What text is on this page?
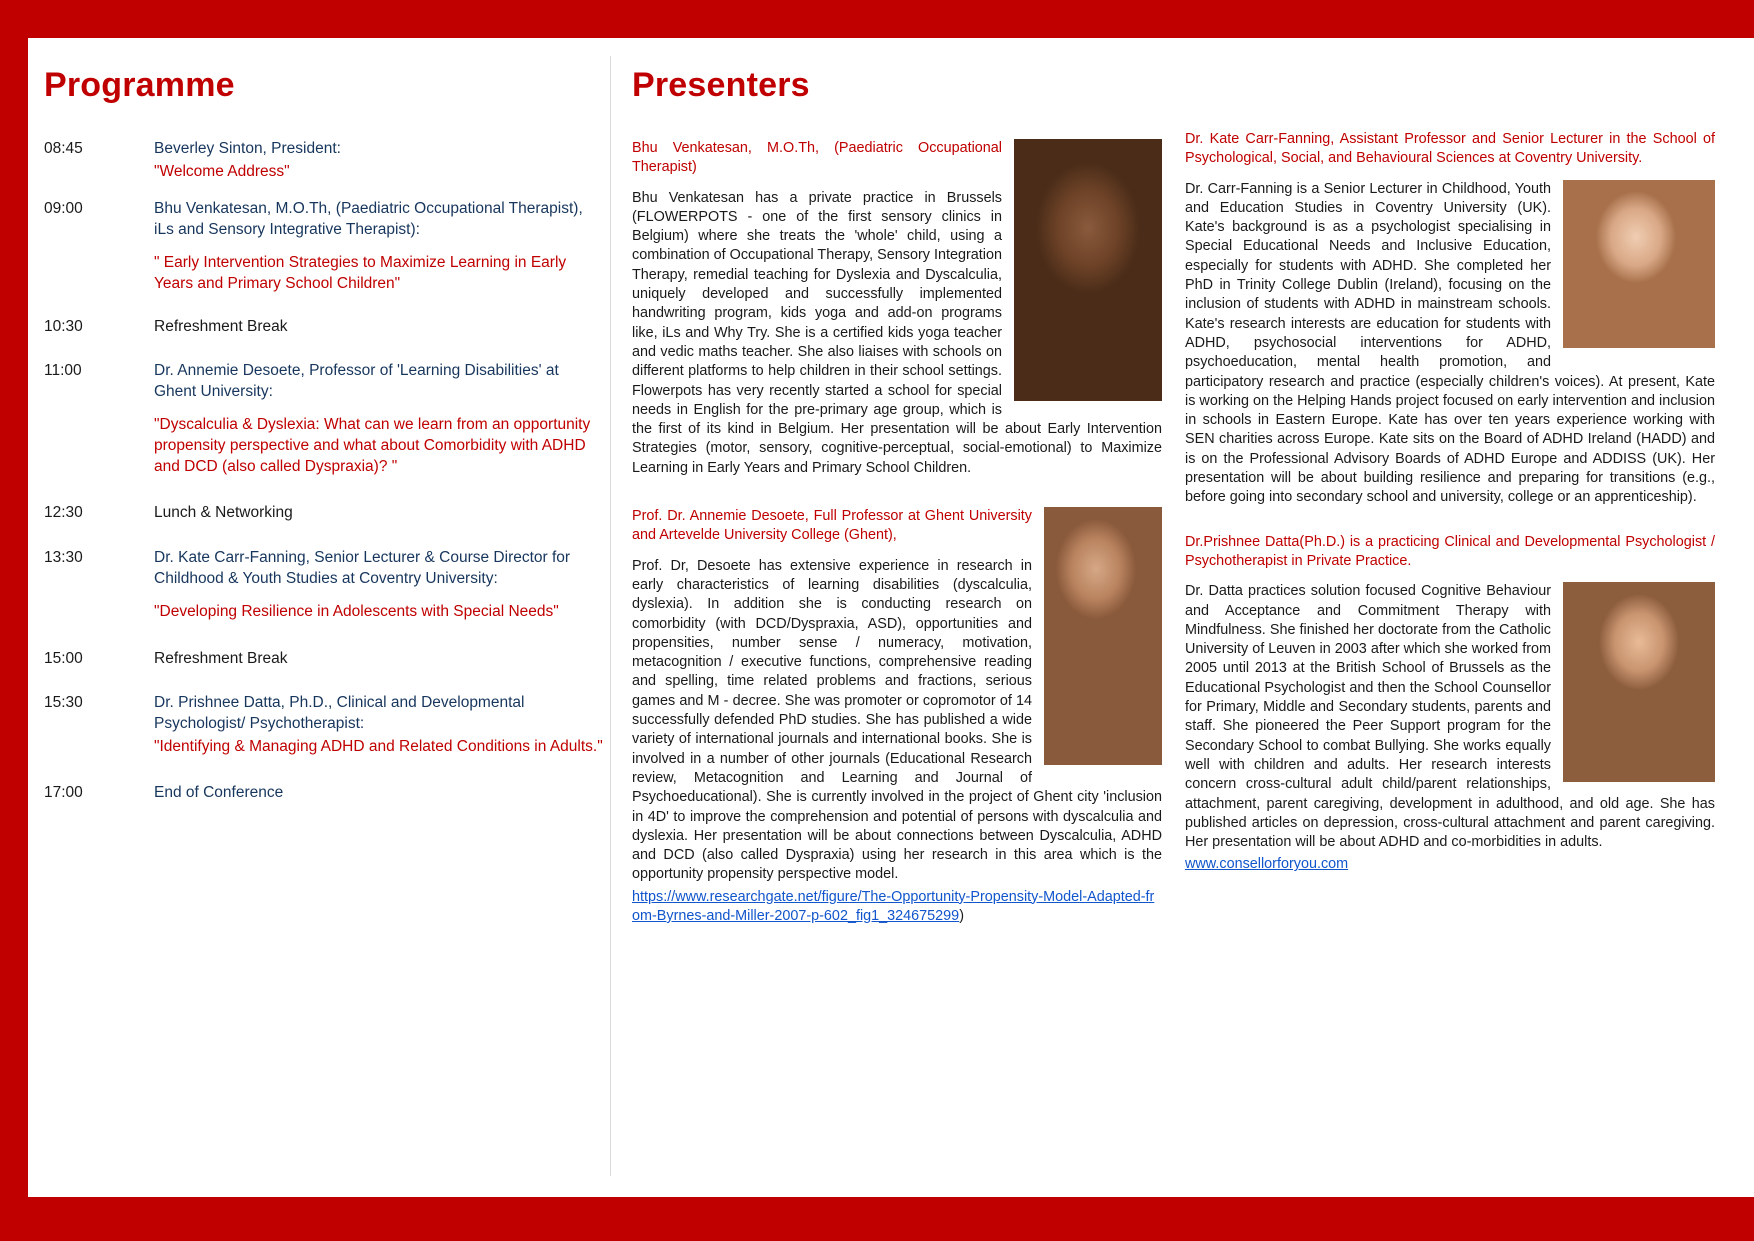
Programme
08:45	Beverley Sinton, President:
"Welcome Address"
09:00	Bhu Venkatesan, M.O.Th, (Paediatric Occupational Therapist), iLs and Sensory Integrative Therapist):
" Early Intervention Strategies to Maximize Learning in Early Years and Primary School Children"
10:30	Refreshment Break
11:00	Dr. Annemie Desoete, Professor of 'Learning Disabilities' at Ghent University:
"Dyscalculia & Dyslexia: What can we learn from an opportunity propensity perspective and what about Comorbidity with ADHD and DCD (also called Dyspraxia)? "
12:30	Lunch & Networking
13:30	Dr. Kate Carr-Fanning, Senior Lecturer & Course Director for Childhood & Youth Studies at Coventry University:
"Developing Resilience in Adolescents with Special Needs"
15:00	Refreshment Break
15:30	Dr. Prishnee Datta, Ph.D., Clinical and Developmental Psychologist/ Psychotherapist:
"Identifying & Managing ADHD and Related Conditions in Adults."
17:00	End of Conference
Presenters
Bhu Venkatesan, M.O.Th, (Paediatric Occupational Therapist)

Bhu Venkatesan has a private practice in Brussels (FLOWERPOTS - one of the first sensory clinics in Belgium) where she treats the 'whole' child, using a combination of Occupational Therapy, Sensory Integration Therapy, remedial teaching for Dyslexia and Dyscalculia, uniquely developed and successfully implemented handwriting program, kids yoga and add-on programs like, iLs and Why Try. She is a certified kids yoga teacher and vedic maths teacher. She also liaises with schools on different platforms to help children in their school settings. Flowerpots has very recently started a school for special needs in English for the pre-primary age group, which is the first of its kind in Belgium. Her presentation will be about Early Intervention Strategies (motor, sensory, cognitive-perceptual, social-emotional) to Maximize Learning in Early Years and Primary School Children.

Prof. Dr. Annemie Desoete, Full Professor at Ghent University and Artevelde University College (Ghent),

Prof. Dr, Desoete has extensive experience in research in early characteristics of learning disabilities (dyscalculia, dyslexia). In addition she is conducting research on comorbidity (with DCD/Dyspraxia, ASD), opportunities and propensities, number sense / numeracy, motivation, metacognition / executive functions, comprehensive reading and spelling, time related problems and fractions, serious games and M - decree. She was promoter or copromotor of 14 successfully defended PhD studies. She has published a wide variety of international journals and international books. She is involved in a number of other journals (Educational Research review, Metacognition and Learning and Journal of Psychoeducational). She is currently involved in the project of Ghent city 'inclusion in 4D' to improve the comprehension and potential of persons with dyscalculia and dyslexia. Her presentation will be about connections between Dyscalculia, ADHD and DCD (also called Dyspraxia) using her research in this area which is the opportunity propensity perspective model.

https://www.researchgate.net/figure/The-Opportunity-Propensity-Model-Adapted-from-Byrnes-and-Miller-2007-p-602_fig1_324675299)

Dr. Kate Carr-Fanning, Assistant Professor and Senior Lecturer in the School of Psychological, Social, and Behavioural Sciences at Coventry University.

Dr. Carr-Fanning is a Senior Lecturer in Childhood, Youth and Education Studies in Coventry University (UK). Kate's background is as a psychologist specialising in Special Educational Needs and Inclusive Education, especially for students with ADHD. She completed her PhD in Trinity College Dublin (Ireland), focusing on the inclusion of students with ADHD in mainstream schools. Kate's research interests are education for students with ADHD, psychosocial interventions for ADHD, psychoeducation, mental health promotion, and participatory research and practice (especially children's voices). At present, Kate is working on the Helping Hands project focused on early intervention and inclusion in schools in Eastern Europe. Kate has over ten years experience working with SEN charities across Europe. Kate sits on the Board of ADHD Ireland (HADD) and is on the Professional Advisory Boards of ADHD Europe and ADDISS (UK). Her presentation will be about building resilience and preparing for transitions (e.g., before going into secondary school and university, college or an apprenticeship).

Dr.Prishnee Datta(Ph.D.) is a practicing Clinical and Developmental Psychologist / Psychotherapist in Private Practice.

Dr. Datta practices solution focused Cognitive Behaviour and Acceptance and Commitment Therapy with Mindfulness. She finished her doctorate from the Catholic University of Leuven in 2003 after which she worked from 2005 until 2013 at the British School of Brussels as the Educational Psychologist and then the School Counsellor for Primary, Middle and Secondary students, parents and staff. She pioneered the Peer Support program for the Secondary School to combat Bullying. She works equally well with children and adults. Her research interests concern cross-cultural adult child/parent relationships, attachment, parent caregiving, development in adulthood, and old age. She has published articles on depression, cross-cultural attachment and parent caregiving. Her presentation will be about ADHD and co-morbidities in adults.

www.consellorforyou.com
